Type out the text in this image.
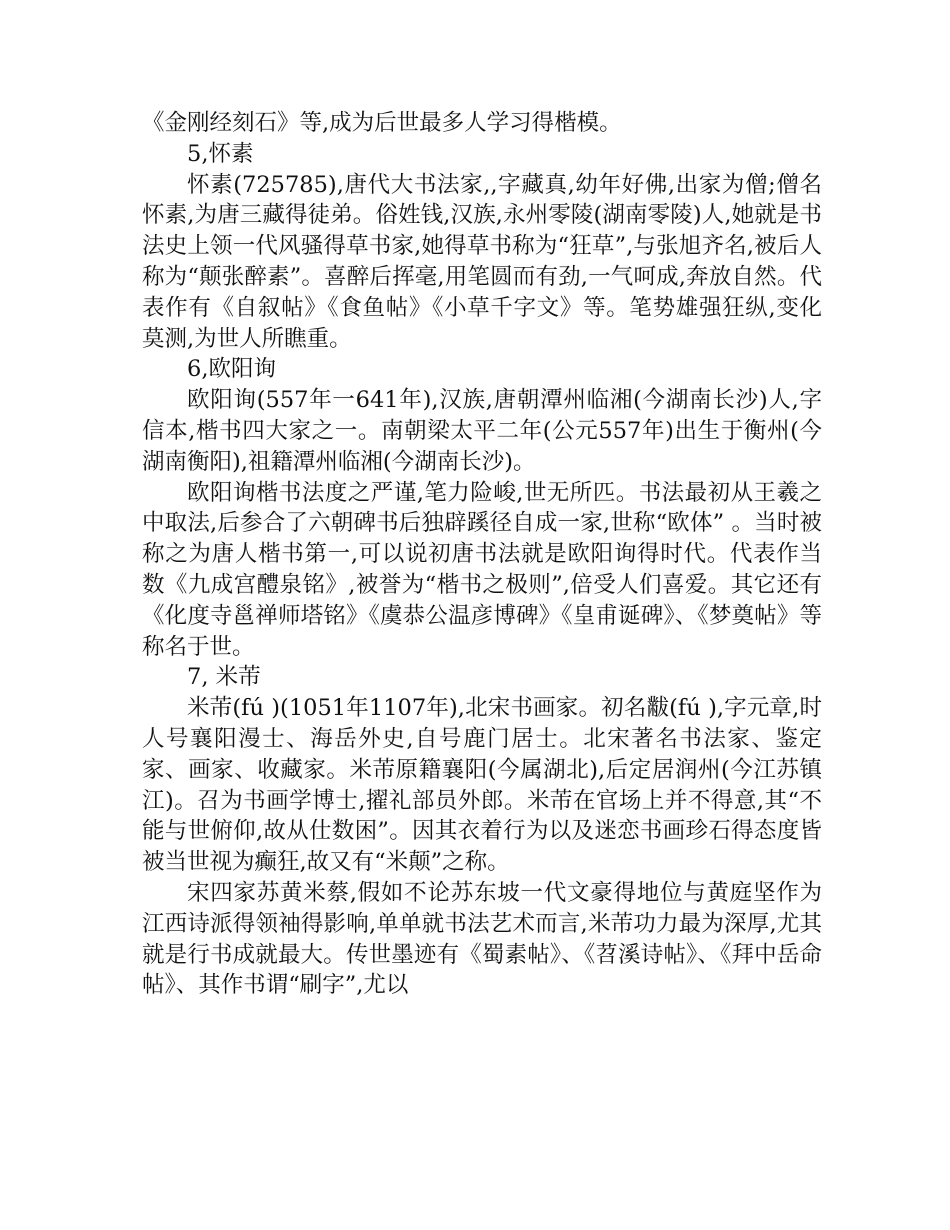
《金刚经刻石》等,成为后世最多人学习得楷模。

5,怀素

怀素(725785),唐代大书法家,,字藏真,幼年好佛,出家为僧;僧名怀素,为唐三藏得徒弟。俗姓钱,汉族,永州零陵(湖南零陵)人,她就是书法史上领一代风骚得草书家,她得草书称为“狂草”,与张旭齐名,被后人称为“颠张醉素”。喜醉后挥毫,用笔圆而有劲,一气呵成,奔放自然。代表作有《自叙帖》《食鱼帖》《小草千字文》等。笔势雄强狂纵,变化莫测,为世人所瞧重。

6,欧阳询

欧阳询(557年一641年),汉族,唐朝潭州临湘(今湖南长沙)人,字信本,楷书四大家之一。南朝梁太平二年(公元557年)出生于衡州(今湖南衡阳),祖籍潭州临湘(今湖南长沙)。

欧阳询楷书法度之严谨,笔力险峻,世无所匹。书法最初从王羲之中取法,后参合了六朝碑书后独辟蹊径自成一家,世称“欧体” 。当时被称之为唐人楷书第一,可以说初唐书法就是欧阳询得时代。代表作当数《九成宫醴泉铭》,被誉为“楷书之极则”,倍受人们喜爱。其它还有《化度寺邕禅师塔铭》《虞恭公温彦博碑》《皇甫诞碑》、《梦奠帖》等称名于世。

7, 米芾

米芾(fú )(1051年1107年),北宋书画家。初名黻(fú ),字元章,时人号襄阳漫士、海岳外史,自号鹿门居士。北宋著名书法家、鉴定家、画家、收藏家。米芾原籍襄阳(今属湖北),后定居润州(今江苏镇江)。召为书画学博士,擢礼部员外郎。米芾在官场上并不得意,其“不能与世俯仰,故从仕数困”。因其衣着行为以及迷恋书画珍石得态度皆被当世视为癫狂,故又有“米颠”之称。

宋四家苏黄米蔡,假如不论苏东坡一代文豪得地位与黄庭坚作为江西诗派得领袖得影响,单单就书法艺术而言,米芾功力最为深厚,尤其就是行书成就最大。传世墨迹有《蜀素帖》、《苕溪诗帖》、《拜中岳命帖》、其作书谓“刷字”,尤以
